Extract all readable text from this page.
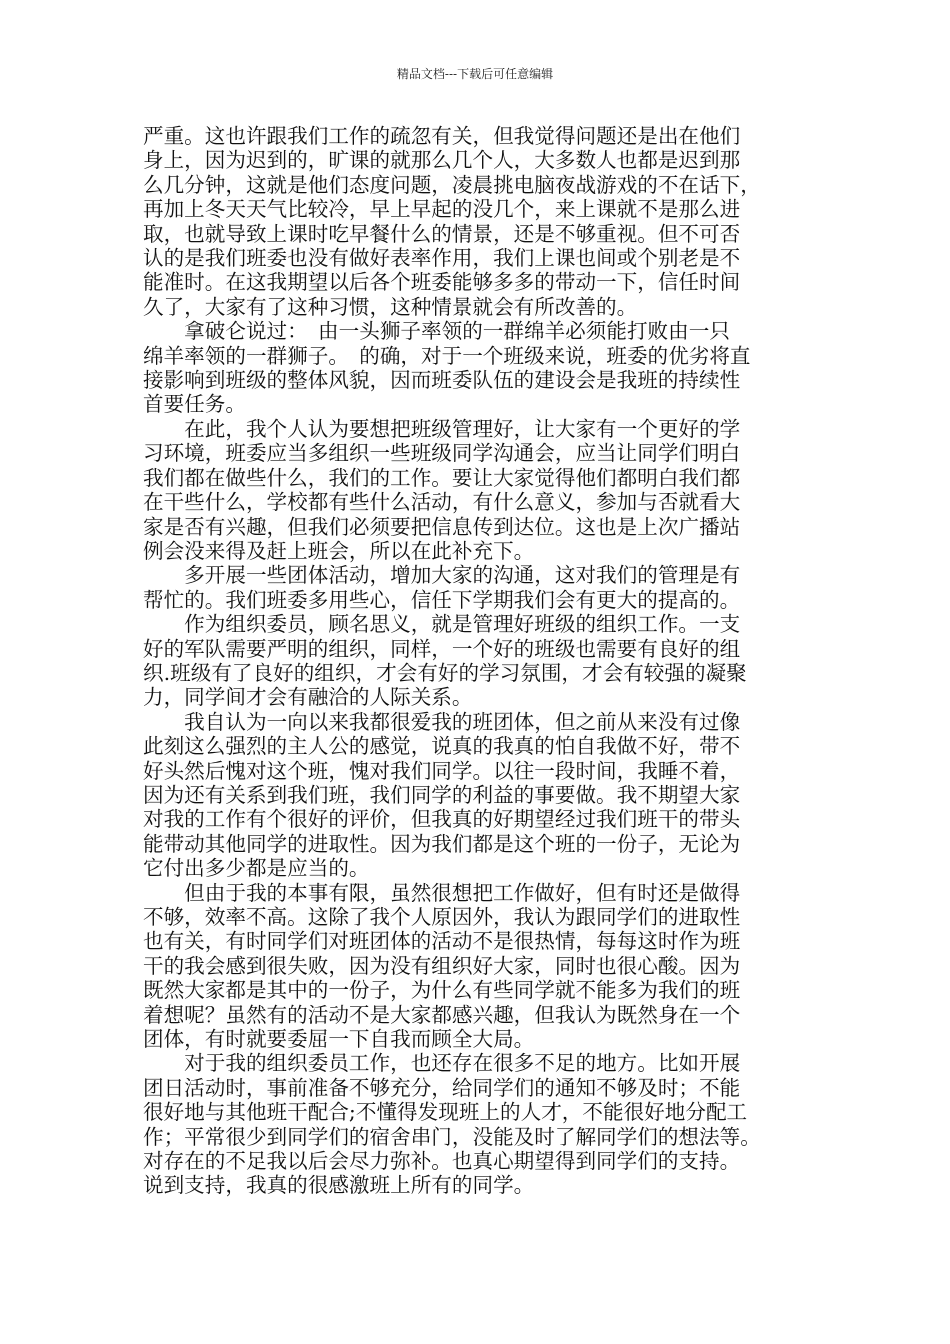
精品文档---下载后可任意编辑
严重。这也许跟我们工作的疏忽有关，但我觉得问题还是出在他们
身上，因为迟到的，旷课的就那么几个人，大多数人也都是迟到那
么几分钟，这就是他们态度问题，凌晨挑电脑夜战游戏的不在话下，
再加上冬天天气比较冷，早上早起的没几个，来上课就不是那么进
取，也就导致上课时吃早餐什么的情景，还是不够重视。但不可否
认的是我们班委也没有做好表率作用，我们上课也间或个别老是不
能准时。在这我期望以后各个班委能够多多的带动一下，信任时间
久了，大家有了这种习惯，这种情景就会有所改善的。
　　拿破仑说过：　由一头狮子率领的一群绵羊必须能打败由一只
绵羊率领的一群狮子。　的确，对于一个班级来说，班委的优劣将直
接影响到班级的整体风貌，因而班委队伍的建设会是我班的持续性
首要任务。
　　在此，我个人认为要想把班级管理好，让大家有一个更好的学
习环境，班委应当多组织一些班级同学沟通会，应当让同学们明白
我们都在做些什么，我们的工作。要让大家觉得他们都明白我们都
在干些什么，学校都有些什么活动，有什么意义，参加与否就看大
家是否有兴趣，但我们必须要把信息传到达位。这也是上次广播站
例会没来得及赶上班会，所以在此补充下。
　　多开展一些团体活动，增加大家的沟通，这对我们的管理是有
帮忙的。我们班委多用些心，信任下学期我们会有更大的提高的。
　　作为组织委员，顾名思义，就是管理好班级的组织工作。一支
好的军队需要严明的组织，同样，一个好的班级也需要有良好的组
织.班级有了良好的组织，才会有好的学习氛围，才会有较强的凝聚
力，同学间才会有融洽的人际关系。
　　我自认为一向以来我都很爱我的班团体，但之前从来没有过像
此刻这么强烈的主人公的感觉，说真的我真的怕自我做不好，带不
好头然后愧对这个班，愧对我们同学。以往一段时间，我睡不着，
因为还有关系到我们班，我们同学的利益的事要做。我不期望大家
对我的工作有个很好的评价，但我真的好期望经过我们班干的带头
能带动其他同学的进取性。因为我们都是这个班的一份子，无论为
它付出多少都是应当的。
　　但由于我的本事有限，虽然很想把工作做好，但有时还是做得
不够，效率不高。这除了我个人原因外，我认为跟同学们的进取性
也有关，有时同学们对班团体的活动不是很热情，每每这时作为班
干的我会感到很失败，因为没有组织好大家，同时也很心酸。因为
既然大家都是其中的一份子，为什么有些同学就不能多为我们的班
着想呢？虽然有的活动不是大家都感兴趣，但我认为既然身在一个
团体，有时就要委屈一下自我而顾全大局。
　　对于我的组织委员工作，也还存在很多不足的地方。比如开展
团日活动时，事前准备不够充分，给同学们的通知不够及时；不能
很好地与其他班干配合;不懂得发现班上的人才，不能很好地分配工
作；平常很少到同学们的宿舍串门，没能及时了解同学们的想法等。
对存在的不足我以后会尽力弥补。也真心期望得到同学们的支持。
说到支持，我真的很感激班上所有的同学。
